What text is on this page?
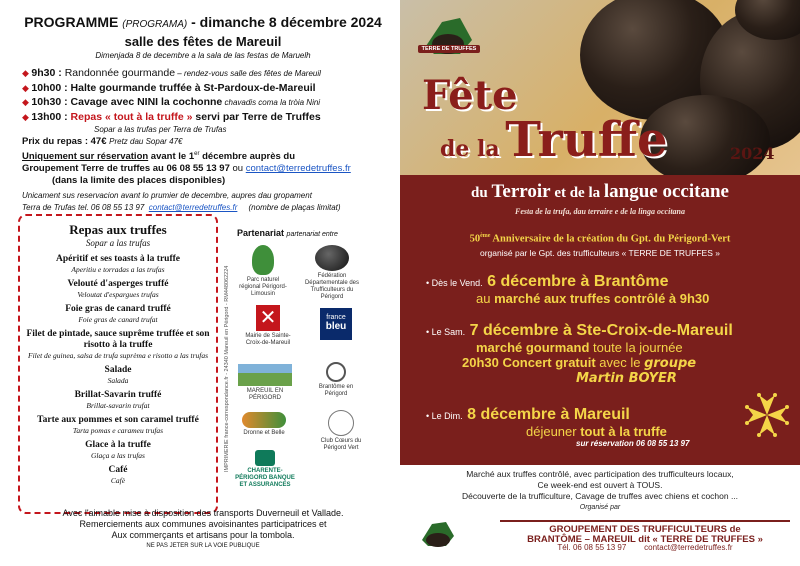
PROGRAMME (PROGRAMA) - dimanche 8 décembre 2024
salle des fêtes de Mareuil
Dimenjada 8 de decembre a la sala de las festas de Maruelh
◆ 9h30 : Randonnée gourmande – rendez-vous salle des fêtes de Mareuil
◆ 10h00 : Halte gourmande truffée à St-Pardoux-de-Mareuil
◆ 10h30 : Cavage avec NINI la cochonne chavadis coma la tròia Nini
◆ 13h00 : Repas « tout à la truffe » servi par Terre de Truffes
Sopar a las trufas per Terra de Trufas
Prix du repas : 47€ Pretz dau Sopar 47€
Uniquement sur réservation avant le 1er décembre auprès du
Groupement Terre de truffes au 06 08 55 13 97 ou contact@terredetruffes.fr
(dans la limite des places disponibles)
Unicament sus reservacion avant lo prumier de decembre, aupres dau gropament
Terra de Trufas tel. 06 08 55 13 97 contact@terredetruffes.fr (nombre de plaças limitat)
Repas aux truffes
Sopar a las trufas
Apéritif et ses toasts à la truffe
Aperitiu e torradas a las trufas
Velouté d'asperges truffé
Veloutat d'espargues trufas
Foie gras de canard truffé
Foie gras de canard trufat
Filet de pintade, sauce suprême truffée et son risotto à la truffe
Filet de guinea, salsa de trufa suprèma e risotto a las trufas
Salade
Salada
Brillat-Savarin truffé
Brillat-savarin trufat
Tarte aux pommes et son caramel truffé
Tarta pomas e carameu trufas
Glace à la truffe
Glaça a las trufas
Café
Cafè
IMPRIMERIE france-correspondance.fr - 24340 Mareuil en Périgord - RM448062224
Partenariat partenariat entre
Parc naturel régional Périgord-Limousin
Fédération Départementale des Trufficulteurs du Périgord
✕
Mairie de Sainte-Croix-de-Mareuil
france
bleu
MAREUIL EN PÉRIGORD
Brantôme en Périgord
Dronne et Belle
Club Cœurs du Périgord Vert
CHARENTE-PÉRIGORD BANQUE ET ASSURANCES
Avec l'aimable mise à disposition des transports Duverneuil et Vallade.
Remerciements aux communes avoisinantes participatrices et
Aux commerçants et artisans pour la tombola.
NE PAS JETER SUR LA VOIE PUBLIQUE
TERRE DE TRUFFES
Fête
de la Truffe	2024
du Terroir et de la langue occitane
Festa de la trufa, dau terraire e de la linga occitana
50ème Anniversaire de la création du Gpt. du Périgord-Vert
organisé par le Gpt. des trufficulteurs « TERRE DE TRUFFES »
• Dès le Vend. 6 décembre à Brantôme
au marché aux truffes contrôlé à 9h30
• Le Sam. 7 décembre à Ste-Croix-de-Mareuil
marché gourmand toute la journée
20h30 Concert gratuit avec le groupe
Martin BOYER
• Le Dim. 8 décembre à Mareuil
déjeuner tout à la truffe
sur réservation 06 08 55 13 97
Marché aux truffes contrôlé, avec participation des trufficulteurs locaux,
Ce week-end est ouvert à TOUS.
Découverte de la trufficulture, Cavage de truffes avec chiens et cochon ...
Organisé par
GROUPEMENT DES TRUFFICULTEURS de
BRANTÔME – MAREUIL dit « TERRE DE TRUFFES »
Tél. 06 08 55 13 97 contact@terredetruffes.fr
